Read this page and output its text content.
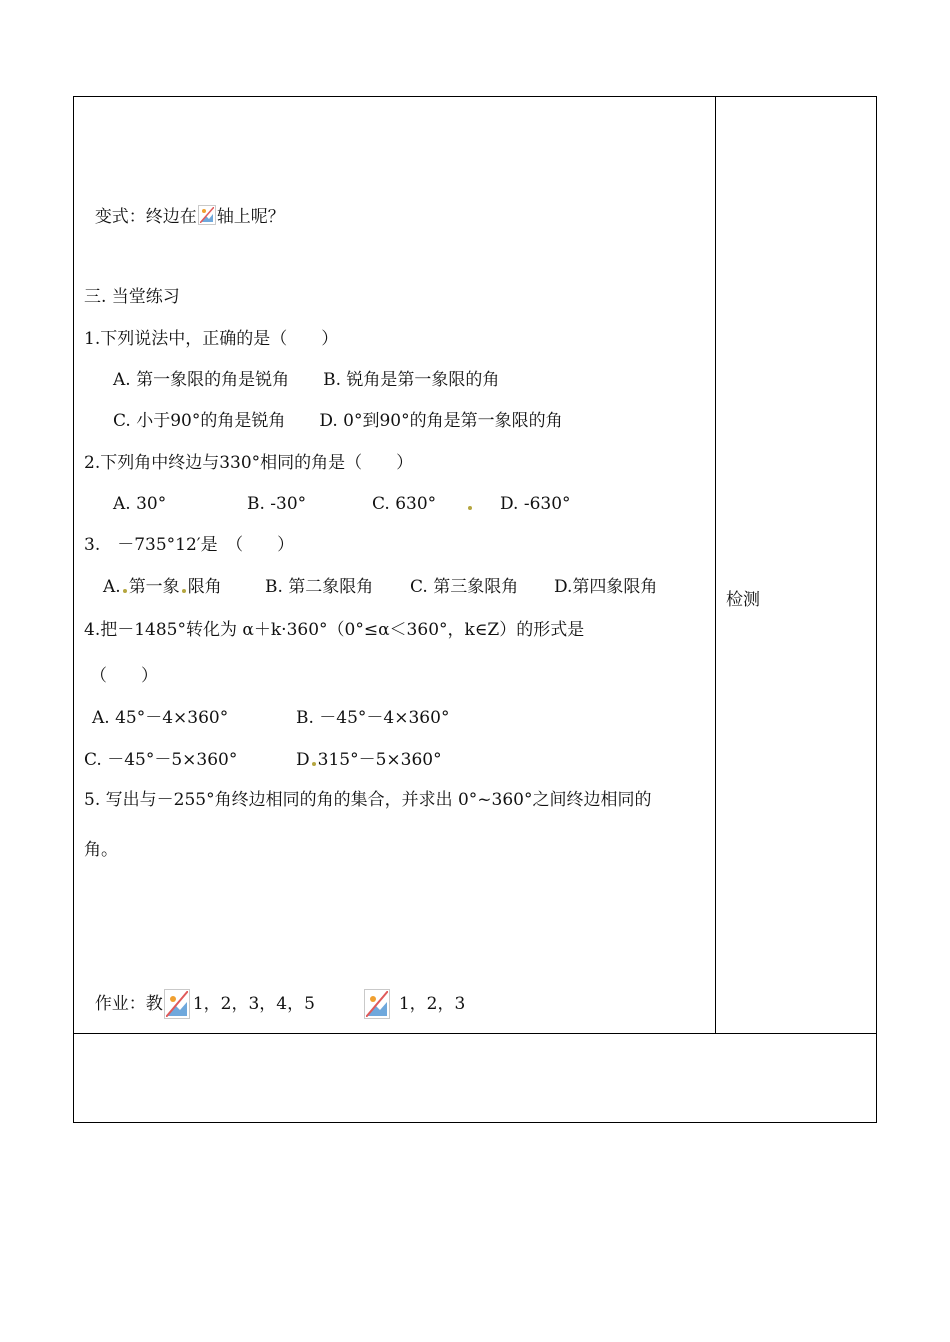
变式：终边在 轴上呢？

三. 当堂练习
1.下列说法中，正确的是（　　）
A. 第一象限的角是锐角　　B. 锐角是第一象限的角
C. 小于90°的角是锐角　　D. 0°到90°的角是第一象限的角
2.下列角中终边与330°相同的角是（　　）
A. 30°	B. -30°	C. 630°	D. -630°
3.　－735°12′是　（　　）
A. 第一象 限角	B. 第二象限角 C. 第三象限角 D.第四象限角
4.把－1485°转化为 α＋k·360°（0°≤α＜360°，k∈Z）的形式是
（　　）
A. 45°－4×360°	B. －45°－4×360°
C. －45°－5×360°	D 315°－5×360°
5. 写出与－255°角终边相同的角的集合，并求出 0°~360°之间终边相同的
角。

作业：教 1，2，3，4，5

	1，2，3

检测
